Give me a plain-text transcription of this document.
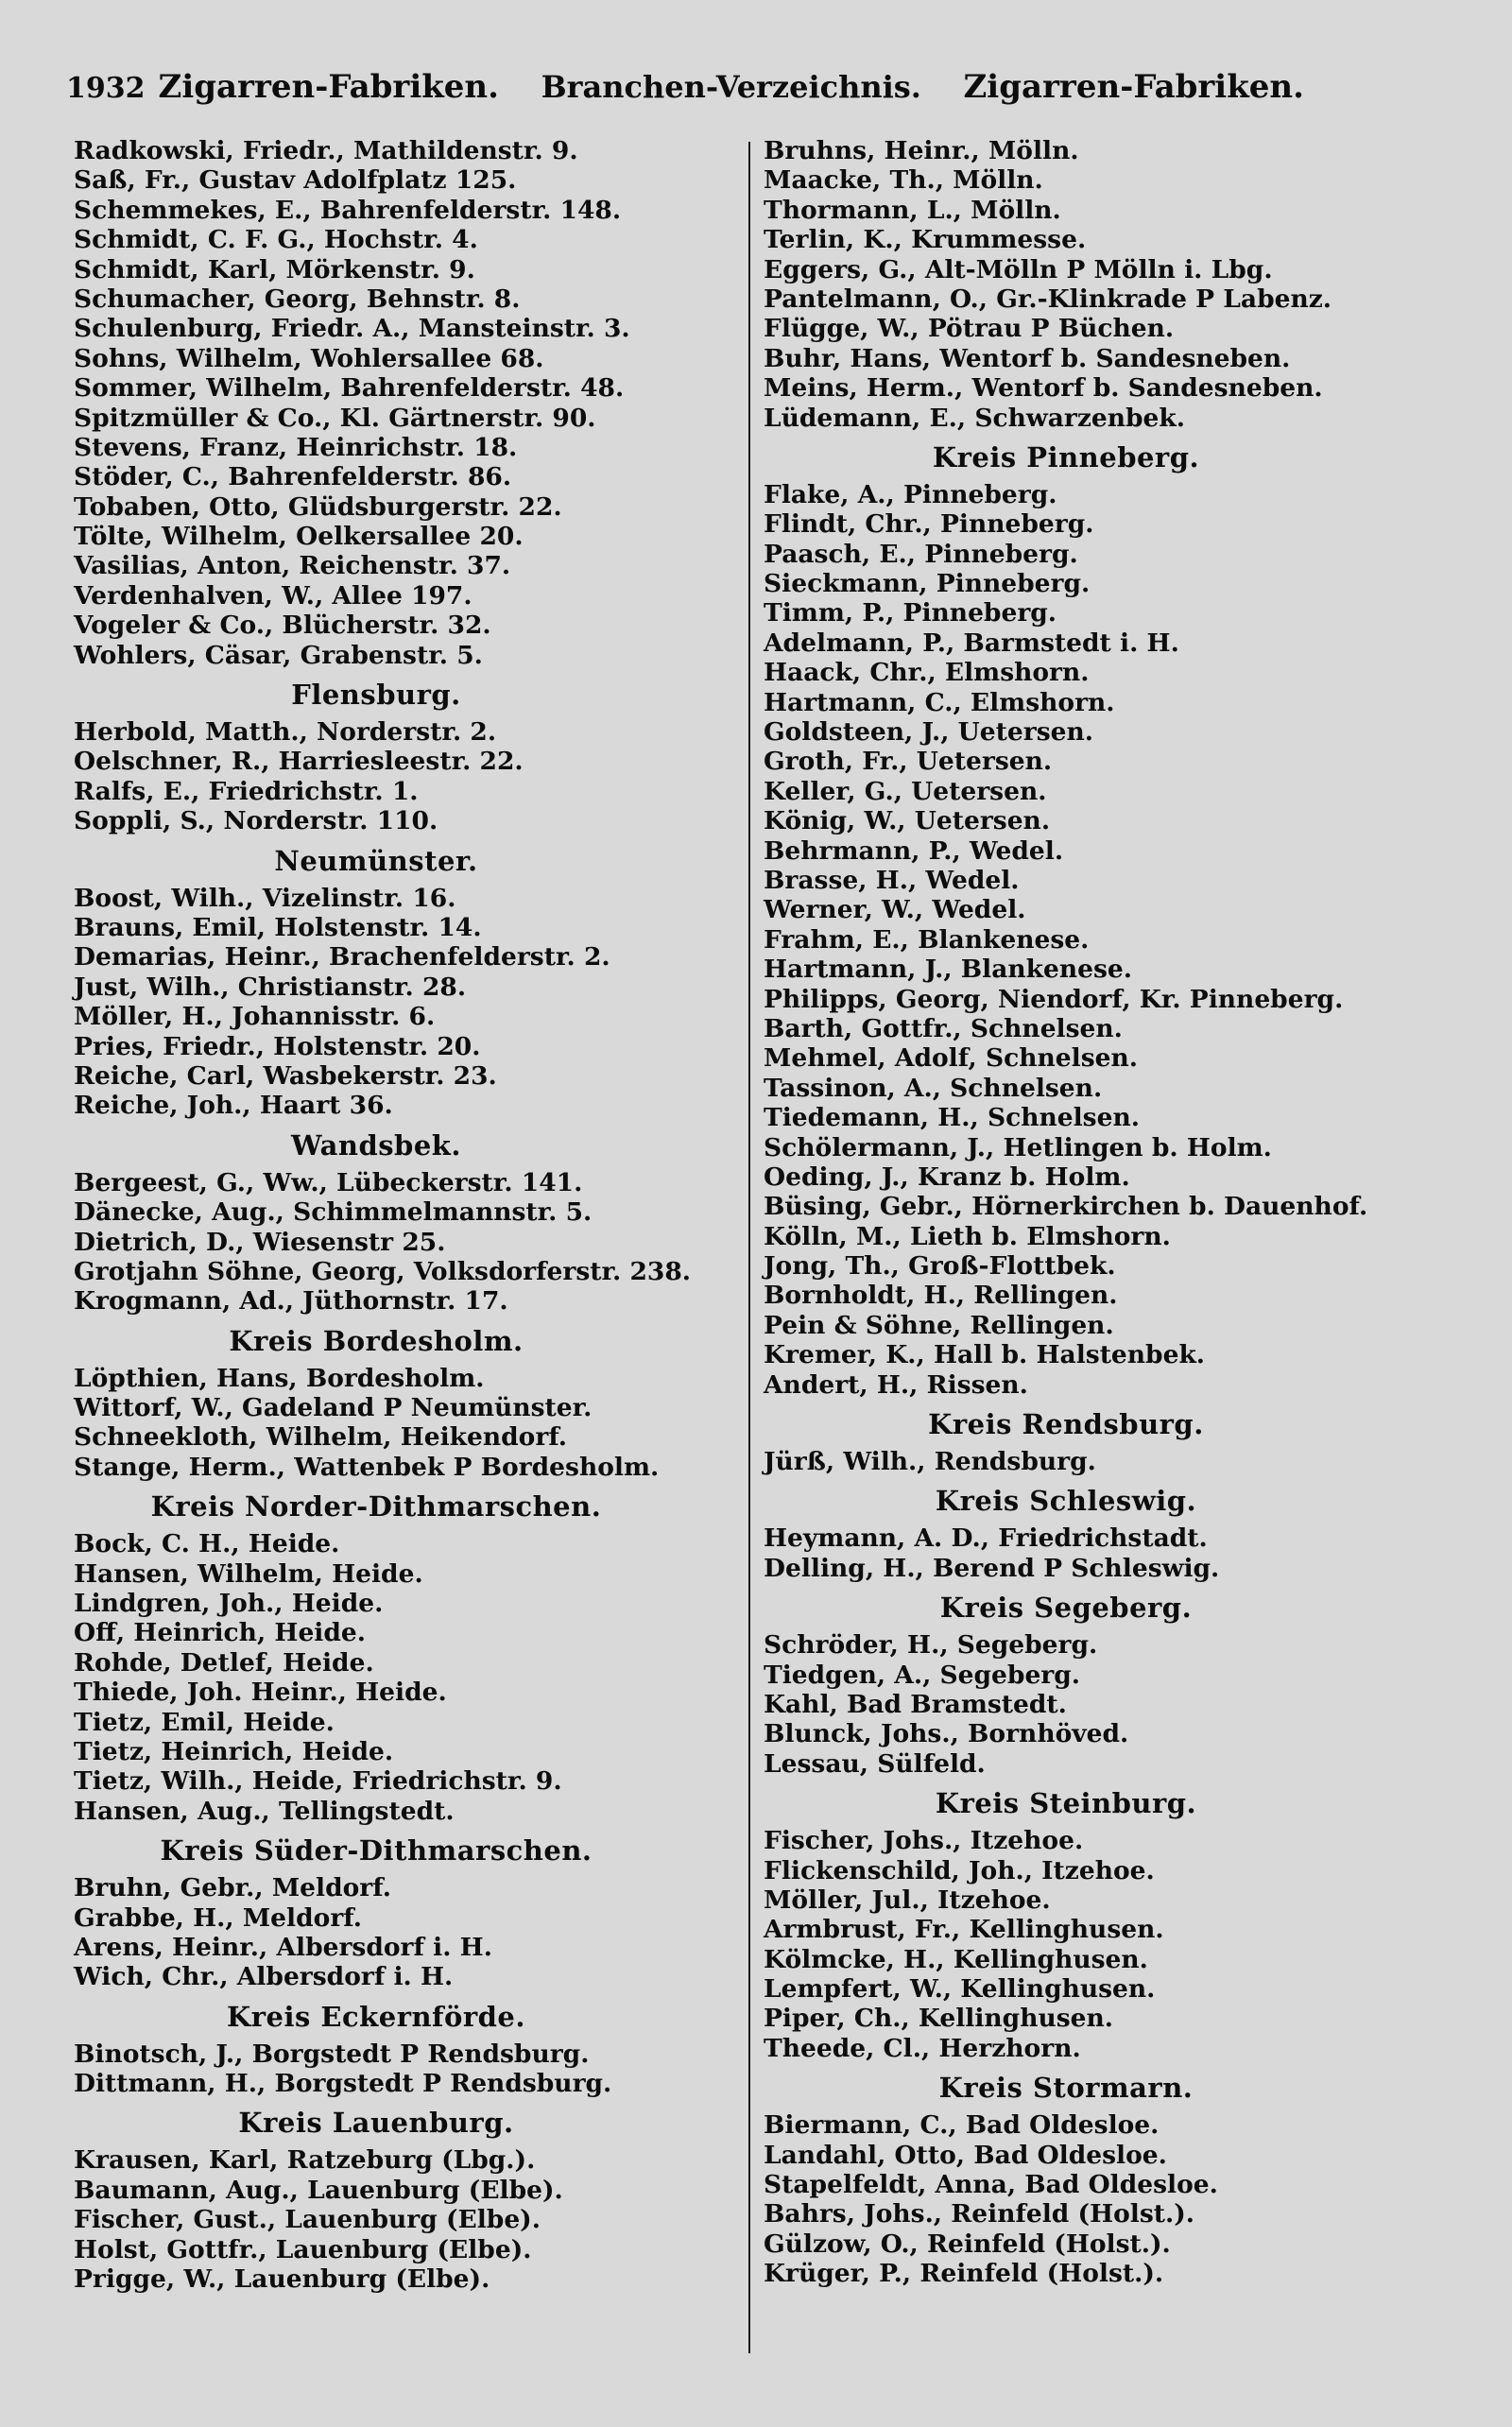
1932 Zigarren-Fabriken. Branchen-Verzeichnis. Zigarren-Fabriken.
Radkowski, Friedr., Mathildenstr. 9.
Saß, Fr., Gustav Adolfplatz 125.
Schemmekes, E., Bahrenfelderstr. 148.
Schmidt, C. F. G., Hochstr. 4.
Schmidt, Karl, Mörkenstr. 9.
Schumacher, Georg, Behnstr. 8.
Schulenburg, Friedr. A., Mansteinstr. 3.
Sohns, Wilhelm, Wohlersallee 68.
Sommer, Wilhelm, Bahrenfelderstr. 48.
Spitzmüller & Co., Kl. Gärtnerstr. 90.
Stevens, Franz, Heinrichstr. 18.
Stöder, C., Bahrenfelderstr. 86.
Tobaben, Otto, Glüdsburgerstr. 22.
Tölte, Wilhelm, Oelkersallee 20.
Vasilias, Anton, Reichenstr. 37.
Verdenhalven, W., Allee 197.
Vogeler & Co., Blücherstr. 32.
Wohlers, Cäsar, Grabenstr. 5.
Flensburg.
Herbold, Matth., Norderstr. 2.
Oelschner, R., Harriesleestr. 22.
Ralfs, E., Friedrichstr. 1.
Soppli, S., Norderstr. 110.
Neumünster.
Boost, Wilh., Vizelinstr. 16.
Brauns, Emil, Holstenstr. 14.
Demarias, Heinr., Brachenfelderstr. 2.
Just, Wilh., Christianstr. 28.
Möller, H., Johannisstr. 6.
Pries, Friedr., Holstenstr. 20.
Reiche, Carl, Wasbekerstr. 23.
Reiche, Joh., Haart 36.
Wandsbek.
Bergeest, G., Ww., Lübeckerstr. 141.
Dänecke, Aug., Schimmelmannstr. 5.
Dietrich, D., Wiesenstr 25.
Grotjahn Söhne, Georg, Volksdorferstr. 238.
Krogmann, Ad., Jüthornstr. 17.
Kreis Bordesholm.
Löpthien, Hans, Bordesholm.
Wittorf, W., Gadeland P Neumünster.
Schneekloth, Wilhelm, Heikendorf.
Stange, Herm., Wattenbek P Bordesholm.
Kreis Norder-Dithmarschen.
Bock, C. H., Heide.
Hansen, Wilhelm, Heide.
Lindgren, Joh., Heide.
Off, Heinrich, Heide.
Rohde, Detlef, Heide.
Thiede, Joh. Heinr., Heide.
Tietz, Emil, Heide.
Tietz, Heinrich, Heide.
Tietz, Wilh., Heide, Friedrichstr. 9.
Hansen, Aug., Tellingstedt.
Kreis Süder-Dithmarschen.
Bruhn, Gebr., Meldorf.
Grabbe, H., Meldorf.
Arens, Heinr., Albersdorf i. H.
Wich, Chr., Albersdorf i. H.
Kreis Eckernförde.
Binotsch, J., Borgstedt P Rendsburg.
Dittmann, H., Borgstedt P Rendsburg.
Kreis Lauenburg.
Krausen, Karl, Ratzeburg (Lbg.).
Baumann, Aug., Lauenburg (Elbe).
Fischer, Gust., Lauenburg (Elbe).
Holst, Gottfr., Lauenburg (Elbe).
Prigge, W., Lauenburg (Elbe).
Bruhns, Heinr., Mölln.
Maacke, Th., Mölln.
Thormann, L., Mölln.
Terlin, K., Krummesse.
Eggers, G., Alt-Mölln P Mölln i. Lbg.
Pantelmann, O., Gr.-Klinkrade P Labenz.
Flügge, W., Pötrau P Büchen.
Buhr, Hans, Wentorf b. Sandesneben.
Meins, Herm., Wentorf b. Sandesneben.
Lüdemann, E., Schwarzenbek.
Kreis Pinneberg.
Flake, A., Pinneberg.
Flindt, Chr., Pinneberg.
Paasch, E., Pinneberg.
Sieckmann, Pinneberg.
Timm, P., Pinneberg.
Adelmann, P., Barmstedt i. H.
Haack, Chr., Elmshorn.
Hartmann, C., Elmshorn.
Goldsteen, J., Uetersen.
Groth, Fr., Uetersen.
Keller, G., Uetersen.
König, W., Uetersen.
Behrmann, P., Wedel.
Brasse, H., Wedel.
Werner, W., Wedel.
Frahm, E., Blankenese.
Hartmann, J., Blankenese.
Philipps, Georg, Niendorf, Kr. Pinneberg.
Barth, Gottfr., Schnelsen.
Mehmel, Adolf, Schnelsen.
Tassinon, A., Schnelsen.
Tiedemann, H., Schnelsen.
Schölermann, J., Hetlingen b. Holm.
Oeding, J., Kranz b. Holm.
Büsing, Gebr., Hörnerkirchen b. Dauenhof.
Kölln, M., Lieth b. Elmshorn.
Jong, Th., Groß-Flottbek.
Bornholdt, H., Rellingen.
Pein & Söhne, Rellingen.
Kremer, K., Hall b. Halstenbek.
Andert, H., Rissen.
Kreis Rendsburg.
Jürß, Wilh., Rendsburg.
Kreis Schleswig.
Heymann, A. D., Friedrichstadt.
Delling, H., Berend P Schleswig.
Kreis Segeberg.
Schröder, H., Segeberg.
Tiedgen, A., Segeberg.
Kahl, Bad Bramstedt.
Blunck, Johs., Bornhöved.
Lessau, Sülfeld.
Kreis Steinburg.
Fischer, Johs., Itzehoe.
Flickenschild, Joh., Itzehoe.
Möller, Jul., Itzehoe.
Armbrust, Fr., Kellinghusen.
Kölmcke, H., Kellinghusen.
Lempfert, W., Kellinghusen.
Piper, Ch., Kellinghusen.
Theede, Cl., Herzhorn.
Kreis Stormarn.
Biermann, C., Bad Oldesloe.
Landahl, Otto, Bad Oldesloe.
Stapelfeldt, Anna, Bad Oldesloe.
Bahrs, Johs., Reinfeld (Holst.).
Gülzow, O., Reinfeld (Holst.).
Krüger, P., Reinfeld (Holst.).
